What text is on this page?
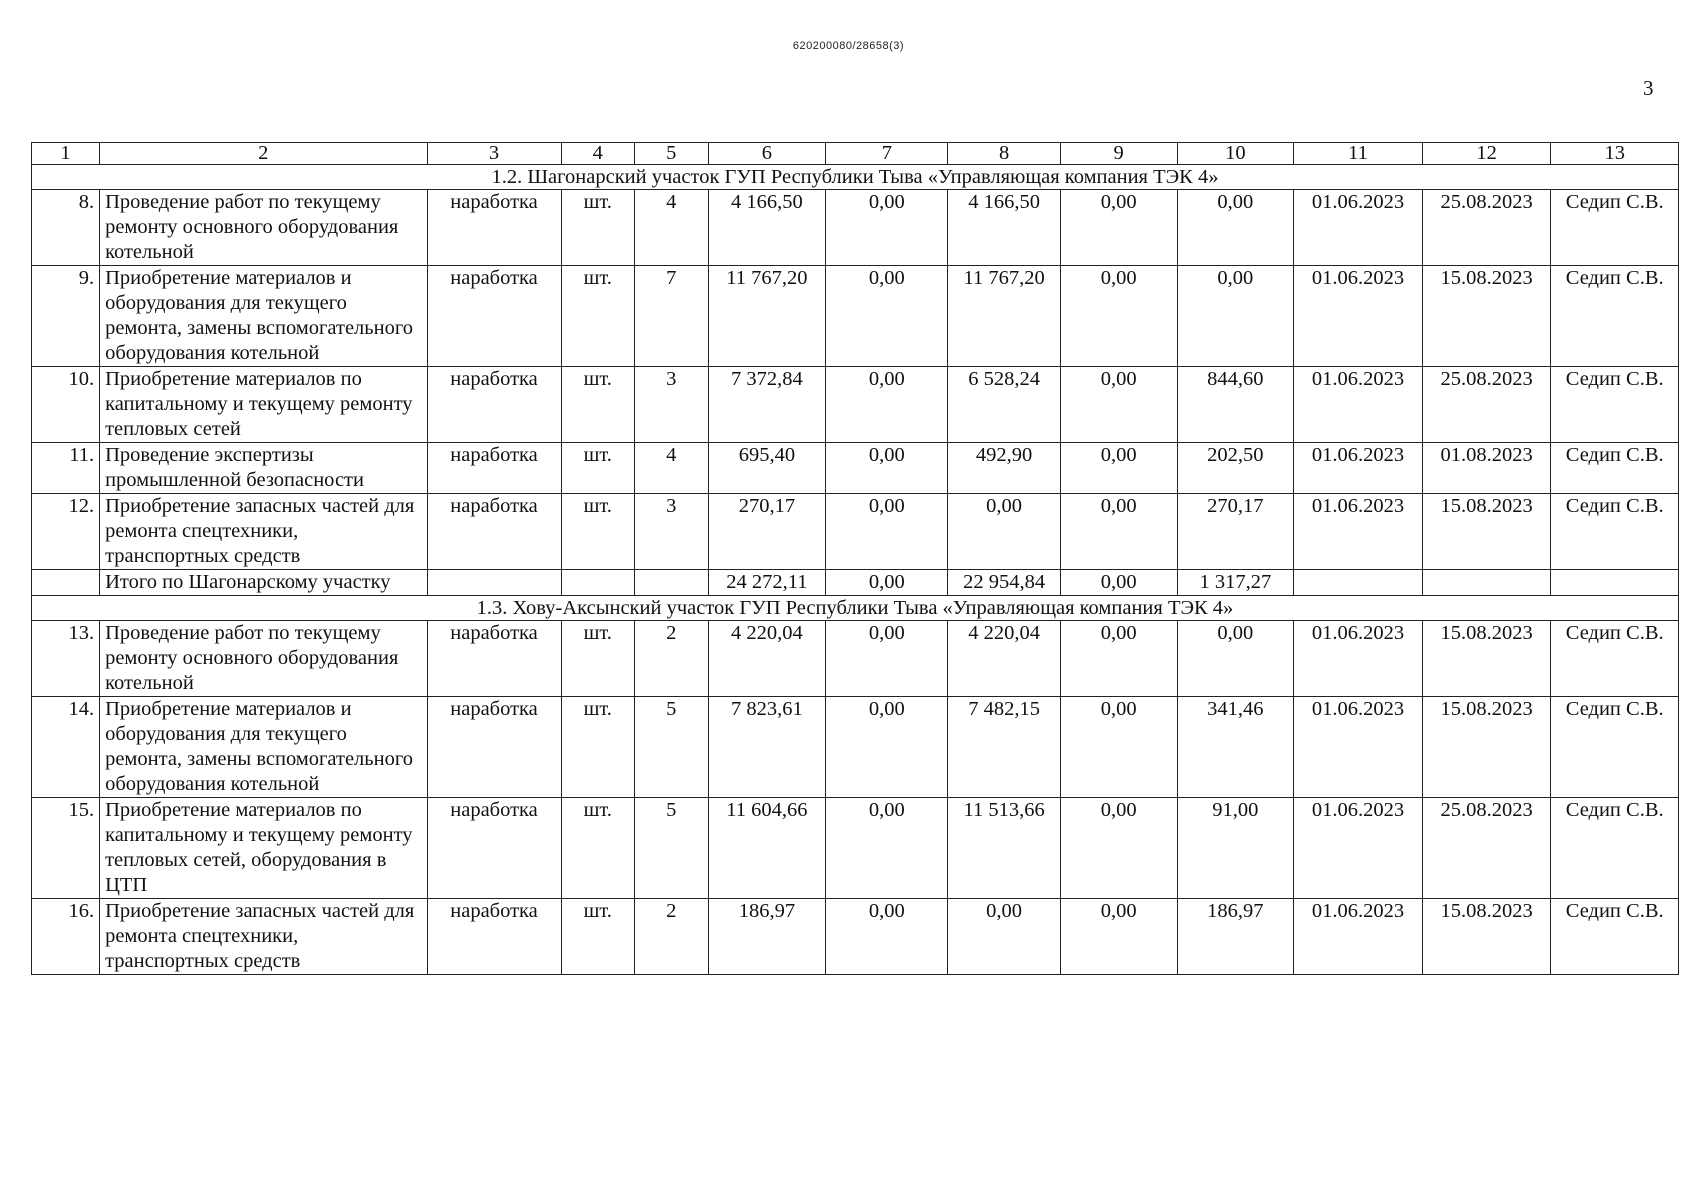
620200080/28658(3)
3
1	2	3	4	5	6	7	8	9	10	11	12	13
1.2. Шагонарский участок ГУП Республики Тыва «Управляющая компания ТЭК 4»												
8.	Проведение работ по текущему ремонту основного оборудования котельной	наработка	шт.	4	4 166,50	0,00	4 166,50	0,00	0,00	01.06.2023	25.08.2023	Седип С.В.
9.	Приобретение материалов и оборудования для текущего ремонта, замены вспомогательного оборудования котельной	наработка	шт.	7	11 767,20	0,00	11 767,20	0,00	0,00	01.06.2023	15.08.2023	Седип С.В.
10.	Приобретение материалов по капитальному и текущему ремонту тепловых сетей	наработка	шт.	3	7 372,84	0,00	6 528,24	0,00	844,60	01.06.2023	25.08.2023	Седип С.В.
11.	Проведение экспертизы промышленной безопасности	наработка	шт.	4	695,40	0,00	492,90	0,00	202,50	01.06.2023	01.08.2023	Седип С.В.
12.	Приобретение запасных частей для ремонта спецтехники, транспортных средств	наработка	шт.	3	270,17	0,00	0,00	0,00	270,17	01.06.2023	15.08.2023	Седип С.В.
	Итого по Шагонарскому участку				24 272,11	0,00	22 954,84	0,00	1 317,27			
1.3. Хову-Аксынский участок ГУП Республики Тыва «Управляющая компания ТЭК 4»												
13.	Проведение работ по текущему ремонту основного оборудования котельной	наработка	шт.	2	4 220,04	0,00	4 220,04	0,00	0,00	01.06.2023	15.08.2023	Седип С.В.
14.	Приобретение материалов и оборудования для текущего ремонта, замены вспомогательного оборудования котельной	наработка	шт.	5	7 823,61	0,00	7 482,15	0,00	341,46	01.06.2023	15.08.2023	Седип С.В.
15.	Приобретение материалов по капитальному и текущему ремонту тепловых сетей, оборудования в ЦТП	наработка	шт.	5	11 604,66	0,00	11 513,66	0,00	91,00	01.06.2023	25.08.2023	Седип С.В.
16.	Приобретение запасных частей для ремонта спецтехники, транспортных средств	наработка	шт.	2	186,97	0,00	0,00	0,00	186,97	01.06.2023	15.08.2023	Седип С.В.
